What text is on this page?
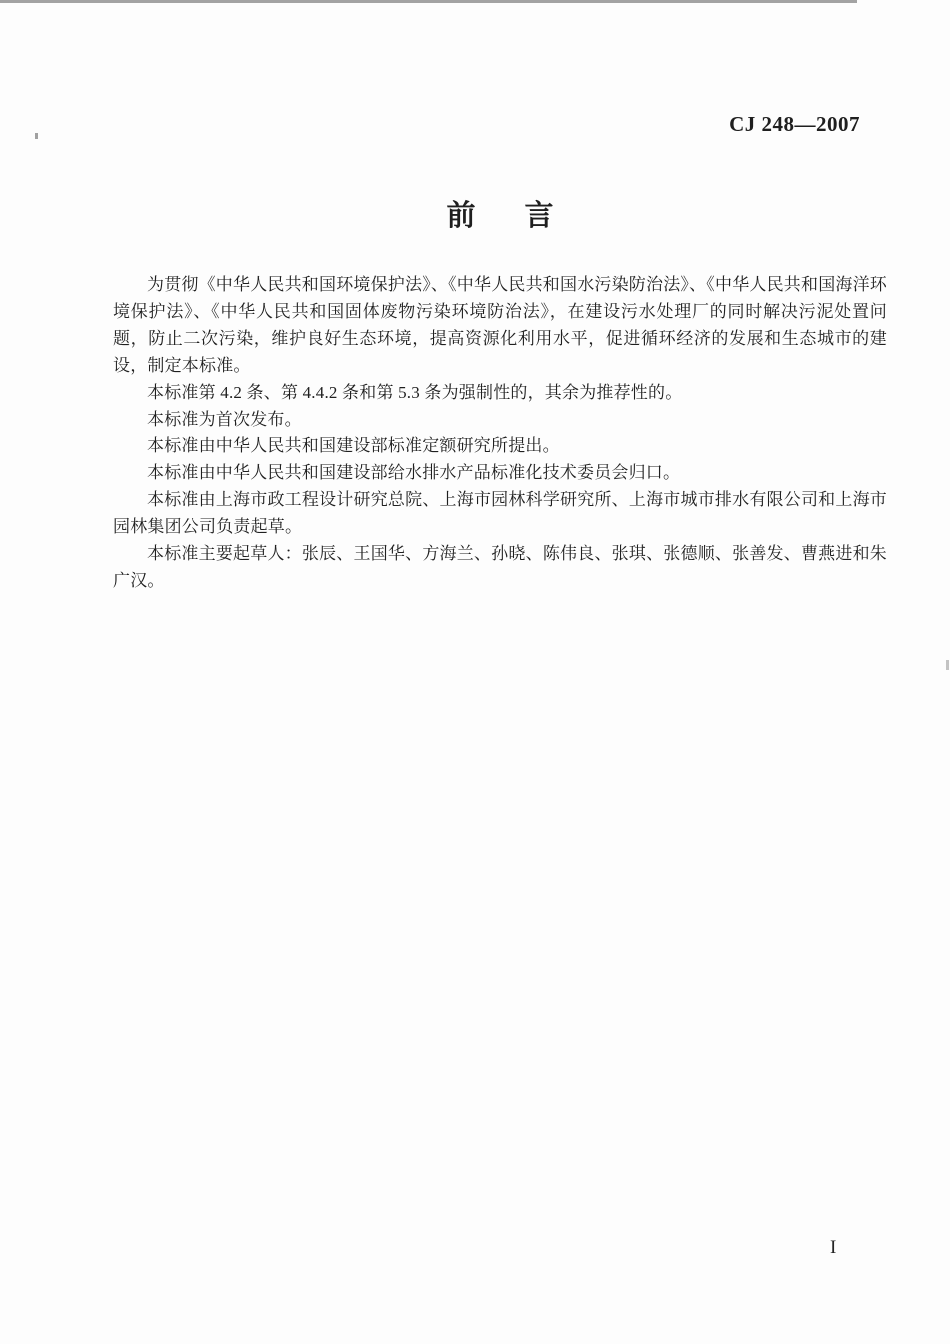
CJ 248—2007
前　言

为贯彻《中华人民共和国环境保护法》、《中华人民共和国水污染防治法》、《中华人民共和国海洋环境保护法》、《中华人民共和国固体废物污染环境防治法》，在建设污水处理厂的同时解决污泥处置问题，防止二次污染，维护良好生态环境，提高资源化利用水平，促进循环经济的发展和生态城市的建设，制定本标准。

本标准第 4.2 条、第 4.4.2 条和第 5.3 条为强制性的，其余为推荐性的。

本标准为首次发布。

本标准由中华人民共和国建设部标准定额研究所提出。

本标准由中华人民共和国建设部给水排水产品标准化技术委员会归口。

本标准由上海市政工程设计研究总院、上海市园林科学研究所、上海市城市排水有限公司和上海市园林集团公司负责起草。

本标准主要起草人：张辰、王国华、方海兰、孙晓、陈伟良、张琪、张德顺、张善发、曹燕进和朱广汉。

I
